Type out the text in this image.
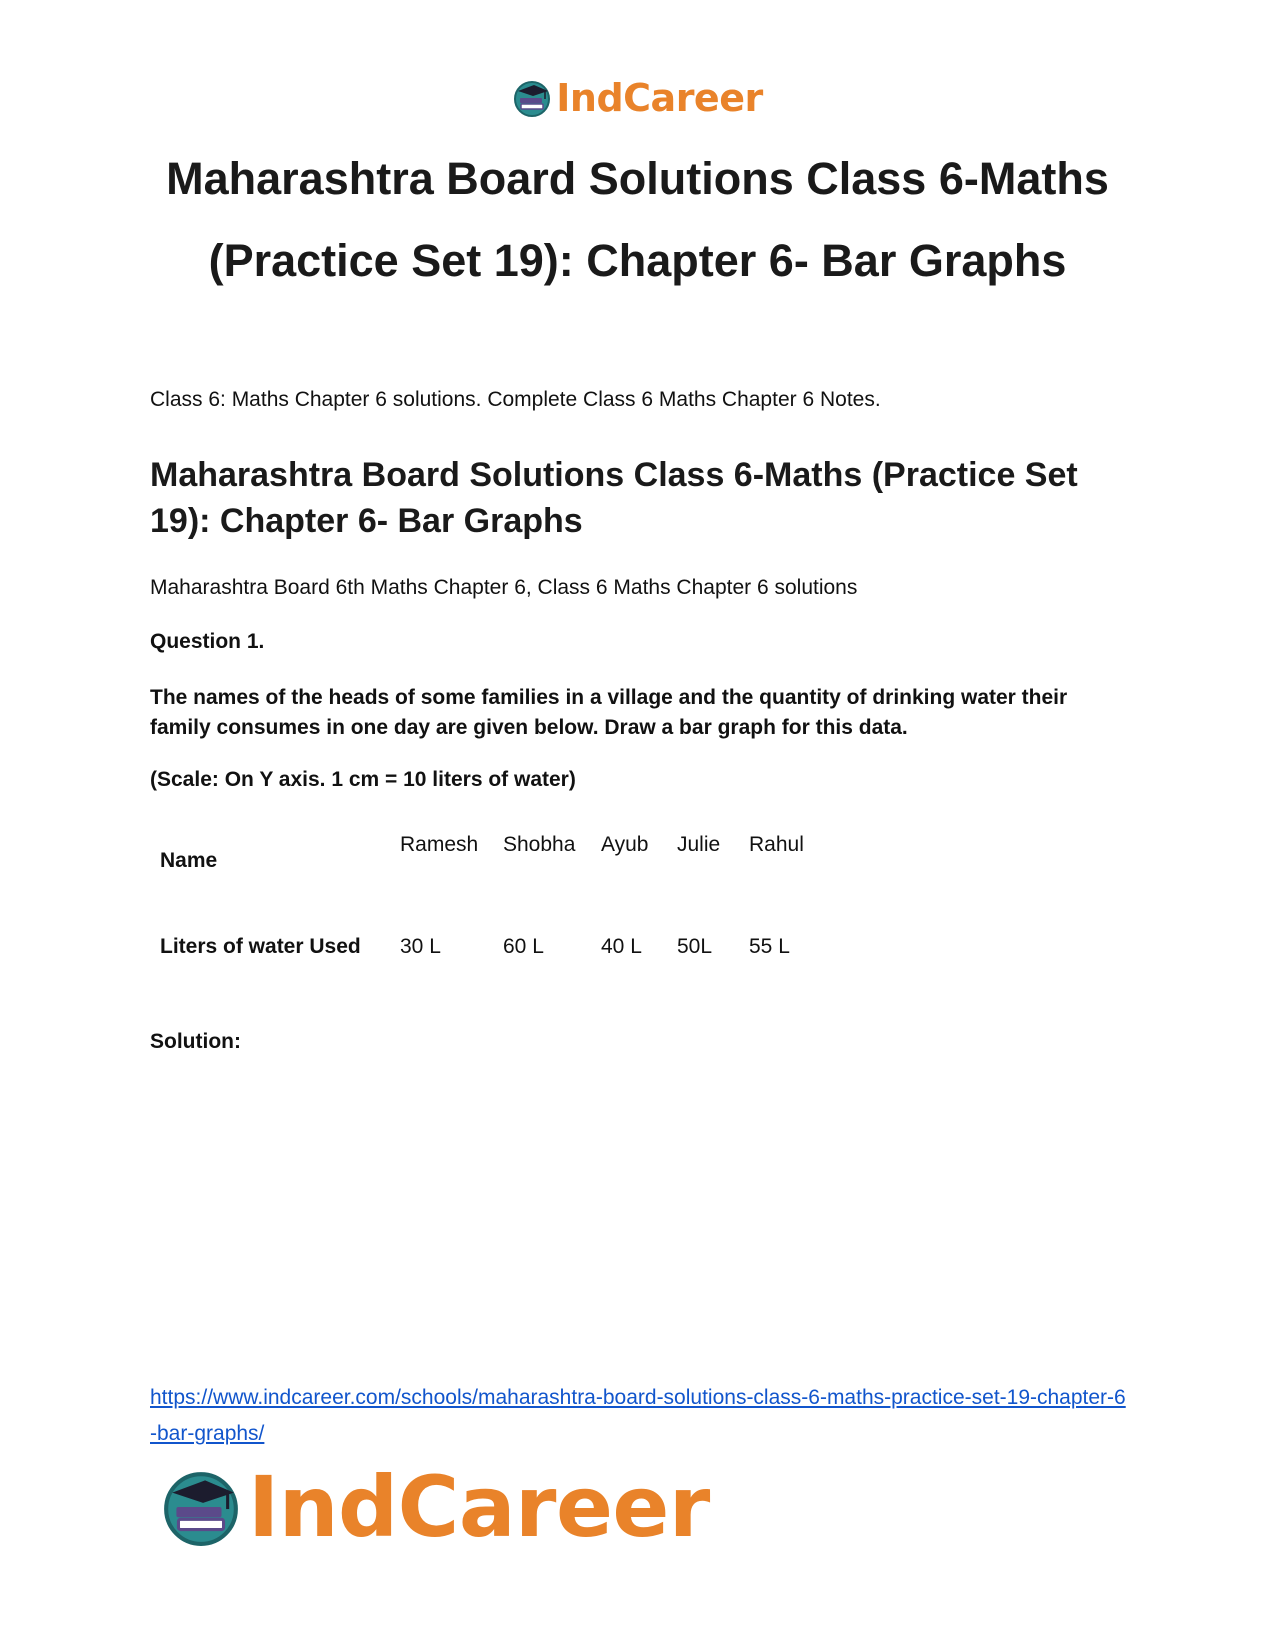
IndCareer
Maharashtra Board Solutions Class 6-Maths (Practice Set 19): Chapter 6- Bar Graphs

Class 6: Maths Chapter 6 solutions. Complete Class 6 Maths Chapter 6 Notes.

Maharashtra Board Solutions Class 6-Maths (Practice Set 19): Chapter 6- Bar Graphs

Maharashtra Board 6th Maths Chapter 6, Class 6 Maths Chapter 6 solutions

Question 1.

The names of the heads of some families in a village and the quantity of drinking water their family consumes in one day are given below. Draw a bar graph for this data.

(Scale: On Y axis. 1 cm = 10 liters of water)

Name	Ramesh	Shobha	Ayub	Julie	Rahul
Liters of water Used	30 L	60 L	40 L	50L	55 L

Solution:

https://www.indcareer.com/schools/maharashtra-board-solutions-class-6-maths-practice-set-19-chapter-6-bar-graphs/
IndCareer
